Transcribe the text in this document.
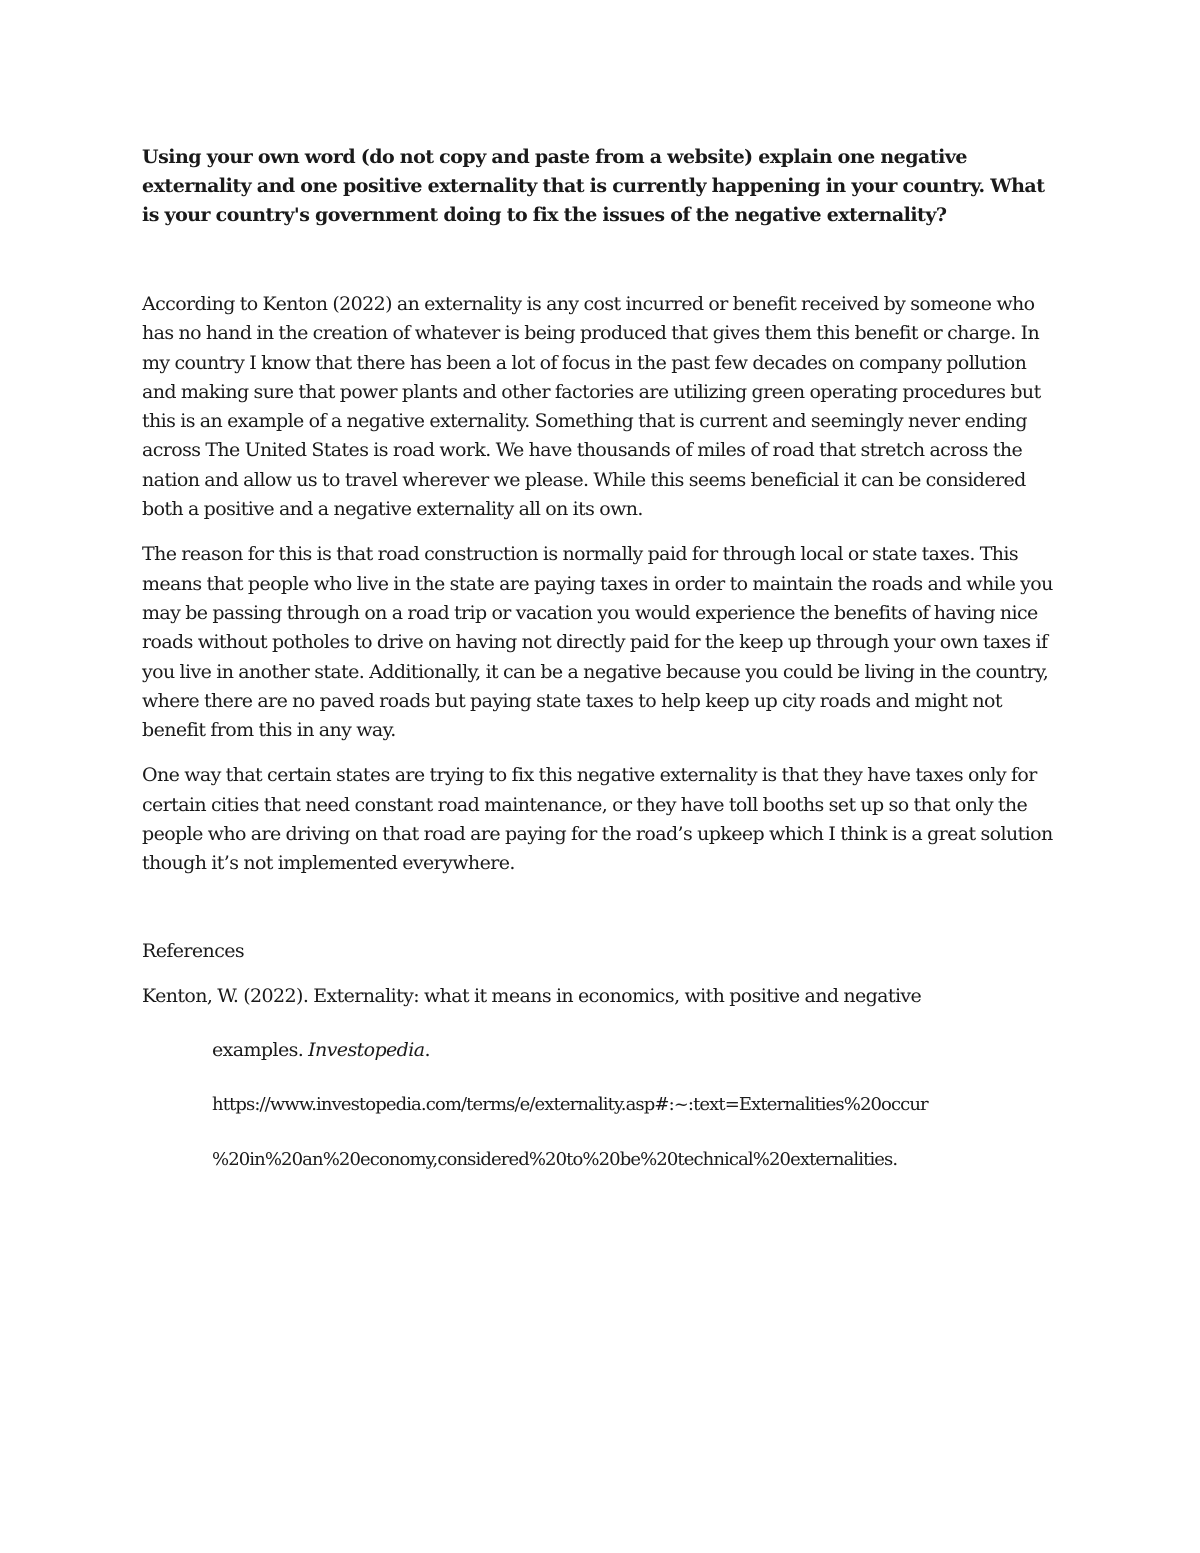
Using your own word (do not copy and paste from a website) explain one negative externality and one positive externality that is currently happening in your country. What is your country's government doing to fix the issues of the negative externality?

According to Kenton (2022) an externality is any cost incurred or benefit received by someone who has no hand in the creation of whatever is being produced that gives them this benefit or charge. In my country I know that there has been a lot of focus in the past few decades on company pollution and making sure that power plants and other factories are utilizing green operating procedures but this is an example of a negative externality. Something that is current and seemingly never ending across The United States is road work. We have thousands of miles of road that stretch across the nation and allow us to travel wherever we please. While this seems beneficial it can be considered both a positive and a negative externality all on its own.

The reason for this is that road construction is normally paid for through local or state taxes. This means that people who live in the state are paying taxes in order to maintain the roads and while you may be passing through on a road trip or vacation you would experience the benefits of having nice roads without potholes to drive on having not directly paid for the keep up through your own taxes if you live in another state. Additionally, it can be a negative because you could be living in the country, where there are no paved roads but paying state taxes to help keep up city roads and might not benefit from this in any way.

One way that certain states are trying to fix this negative externality is that they have taxes only for certain cities that need constant road maintenance, or they have toll booths set up so that only the people who are driving on that road are paying for the road’s upkeep which I think is a great solution though it’s not implemented everywhere.

References

Kenton, W. (2022). Externality: what it means in economics, with positive and negative

examples. Investopedia.

https://www.investopedia.com/terms/e/externality.asp#:~:text=Externalities%20occur

%20in%20an%20economy,considered%20to%20be%20technical%20externalities.
